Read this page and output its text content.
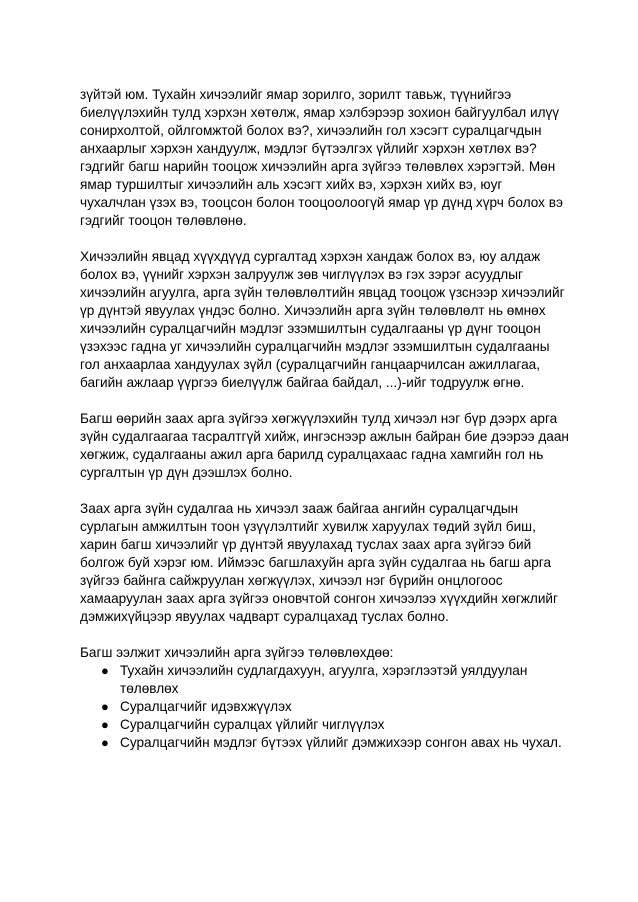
зүйтэй юм. Тухайн хичээлийг ямар зорилго, зорилт тавьж, түүнийгээ биелүүлэхийн тулд хэрхэн хөтөлж, ямар хэлбэрээр зохион байгуулбал илүү сонирхолтой, ойлгомжтой болох вэ?, хичээлийн гол хэсэгт суралцагчдын анхаарлыг хэрхэн хандуулж, мэдлэг бүтээлгэх үйлийг хэрхэн хөтлөх вэ? гэдгийг багш нарийн тооцож хичээлийн арга зүйгээ төлөвлөх хэрэгтэй. Мөн ямар туршилтыг хичээлийн аль хэсэгт хийх вэ, хэрхэн хийх вэ, юуг чухалчлан үзэх вэ, тооцсон болон тооцоолоогүй ямар үр дүнд хүрч болох вэ гэдгийг тооцон төлөвлөнө.

Хичээлийн явцад хүүхдүүд сургалтад хэрхэн хандаж болох вэ, юу алдаж болох вэ, үүнийг хэрхэн залруулж зөв чиглүүлэх вэ гэх зэрэг асуудлыг хичээлийн агуулга, арга зүйн төлөвлөлтийн явцад тооцож үзснээр хичээлийг үр дүнтэй явуулах үндэс болно. Хичээлийн арга зүйн төлөвлөлт нь өмнөх хичээлийн суралцагчийн мэдлэг эзэмшилтын судалгааны үр дүнг тооцон үзэхээс гадна уг хичээлийн суралцагчийн мэдлэг эзэмшилтын судалгааны гол анхаарлаа хандуулах зүйл (суралцагчийн ганцаарчилсан ажиллагаа, багийн ажлаар үүргээ биелүүлж байгаа байдал, ...)-ийг тодруулж өгнө.

Багш өөрийн заах арга зүйгээ хөгжүүлэхийн тулд хичээл нэг бүр дээрх арга зүйн судалгаагаа тасралтгүй хийж, ингэснээр ажлын байран бие дээрээ даан хөгжиж, судалгааны ажил арга барилд суралцахаас гадна хамгийн гол нь сургалтын үр дүн дээшлэх болно.

Заах арга зүйн судалгаа нь хичээл зааж байгаа ангийн суралцагчдын сурлагын амжилтын тоон үзүүлэлтийг хувилж харуулах төдий зүйл биш, харин багш хичээлийг үр дүнтэй явуулахад туслах заах арга зүйгээ бий болгож буй хэрэг юм. Иймээс багшлахуйн арга зүйн судалгаа нь багш арга зүйгээ байнга сайжруулан хөгжүүлэх, хичээл нэг бүрийн онцлогоос хамааруулан заах арга зүйгээ оновчтой сонгон хичээлээ хүүхдийн хөгжлийг дэмжихүйцээр явуулах чадварт суралцахад туслах болно.

Багш ээлжит хичээлийн арга зүйгээ төлөвлөхдөө:
● Тухайн хичээлийн судлагдахуун, агуулга, хэрэглээтэй уялдуулан төлөвлөх
● Суралцагчийг идэвхжүүлэх
● Суралцагчийн суралцах үйлийг чиглүүлэх
● Суралцагчийн мэдлэг бүтээх үйлийг дэмжихээр сонгон авах нь чухал.
